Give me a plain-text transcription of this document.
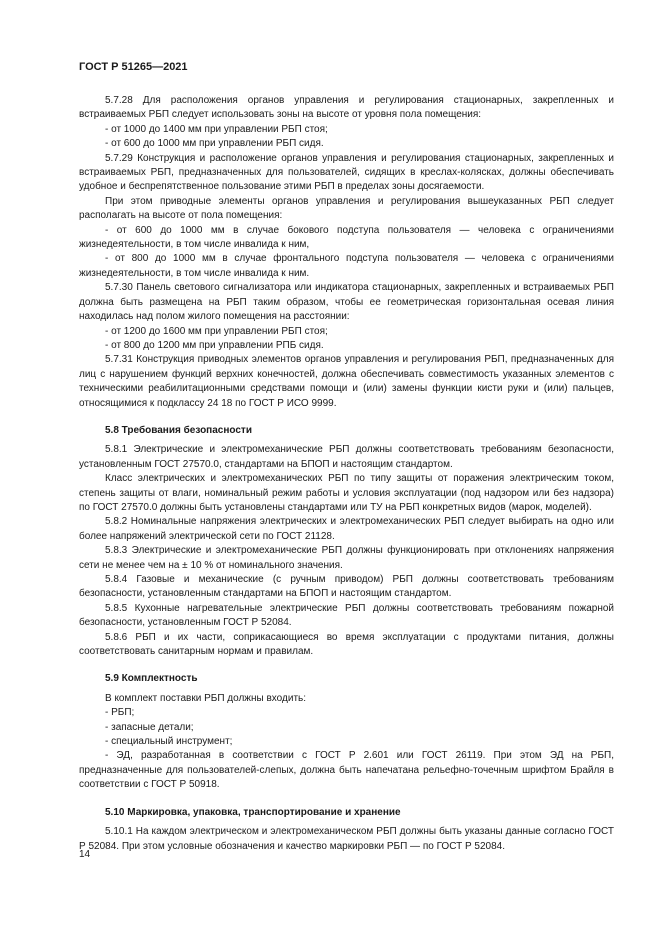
ГОСТ Р 51265—2021

5.7.28 Для расположения органов управления и регулирования стационарных, закрепленных и встраиваемых РБП следует использовать зоны на высоте от уровня пола помещения:

- от 1000 до 1400 мм при управлении РБП стоя;

- от 600 до 1000 мм при управлении РБП сидя.

5.7.29 Конструкция и расположение органов управления и регулирования стационарных, закрепленных и встраиваемых РБП, предназначенных для пользователей, сидящих в креслах-колясках, должны обеспечивать удобное и беспрепятственное пользование этими РБП в пределах зоны досягаемости.

При этом приводные элементы органов управления и регулирования вышеуказанных РБП следует располагать на высоте от пола помещения:

- от 600 до 1000 мм в случае бокового подступа пользователя — человека с ограничениями жизнедеятельности, в том числе инвалида к ним,

- от 800 до 1000 мм в случае фронтального подступа пользователя — человека с ограничениями жизнедеятельности, в том числе инвалида к ним.

5.7.30 Панель светового сигнализатора или индикатора стационарных, закрепленных и встраиваемых РБП должна быть размещена на РБП таким образом, чтобы ее геометрическая горизонтальная осевая линия находилась над полом жилого помещения на расстоянии:

- от 1200 до 1600 мм при управлении РБП стоя;

- от 800 до 1200 мм при управлении РПБ сидя.

5.7.31 Конструкция приводных элементов органов управления и регулирования РБП, предназначенных для лиц с нарушением функций верхних конечностей, должна обеспечивать совместимость указанных элементов с техническими реабилитационными средствами помощи и (или) замены функции кисти руки и (или) пальцев, относящимися к подклассу 24 18 по ГОСТ Р ИСО 9999.

5.8 Требования безопасности

5.8.1 Электрические и электромеханические РБП должны соответствовать требованиям безопасности, установленным ГОСТ 27570.0, стандартами на БПОП и настоящим стандартом.

Класс электрических и электромеханических РБП по типу защиты от поражения электрическим током, степень защиты от влаги, номинальный режим работы и условия эксплуатации (под надзором или без надзора) по ГОСТ 27570.0 должны быть установлены стандартами или ТУ на РБП конкретных видов (марок, моделей).

5.8.2 Номинальные напряжения электрических и электромеханических РБП следует выбирать на одно или более напряжений электрической сети по ГОСТ 21128.

5.8.3 Электрические и электромеханические РБП должны функционировать при отклонениях напряжения сети не менее чем на ± 10 % от номинального значения.

5.8.4 Газовые и механические (с ручным приводом) РБП должны соответствовать требованиям безопасности, установленным стандартами на БПОП и настоящим стандартом.

5.8.5 Кухонные нагревательные электрические РБП должны соответствовать требованиям пожарной безопасности, установленным ГОСТ Р 52084.

5.8.6 РБП и их части, соприкасающиеся во время эксплуатации с продуктами питания, должны соответствовать санитарным нормам и правилам.

5.9 Комплектность

В комплект поставки РБП должны входить:

- РБП;

- запасные детали;

- специальный инструмент;

- ЭД, разработанная в соответствии с ГОСТ Р 2.601 или ГОСТ 26119. При этом ЭД на РБП, предназначенные для пользователей-слепых, должна быть напечатана рельефно-точечным шрифтом Брайля в соответствии с ГОСТ Р 50918.

5.10 Маркировка, упаковка, транспортирование и хранение

5.10.1 На каждом электрическом и электромеханическом РБП должны быть указаны данные согласно ГОСТ Р 52084. При этом условные обозначения и качество маркировки РБП — по ГОСТ Р 52084.

14
